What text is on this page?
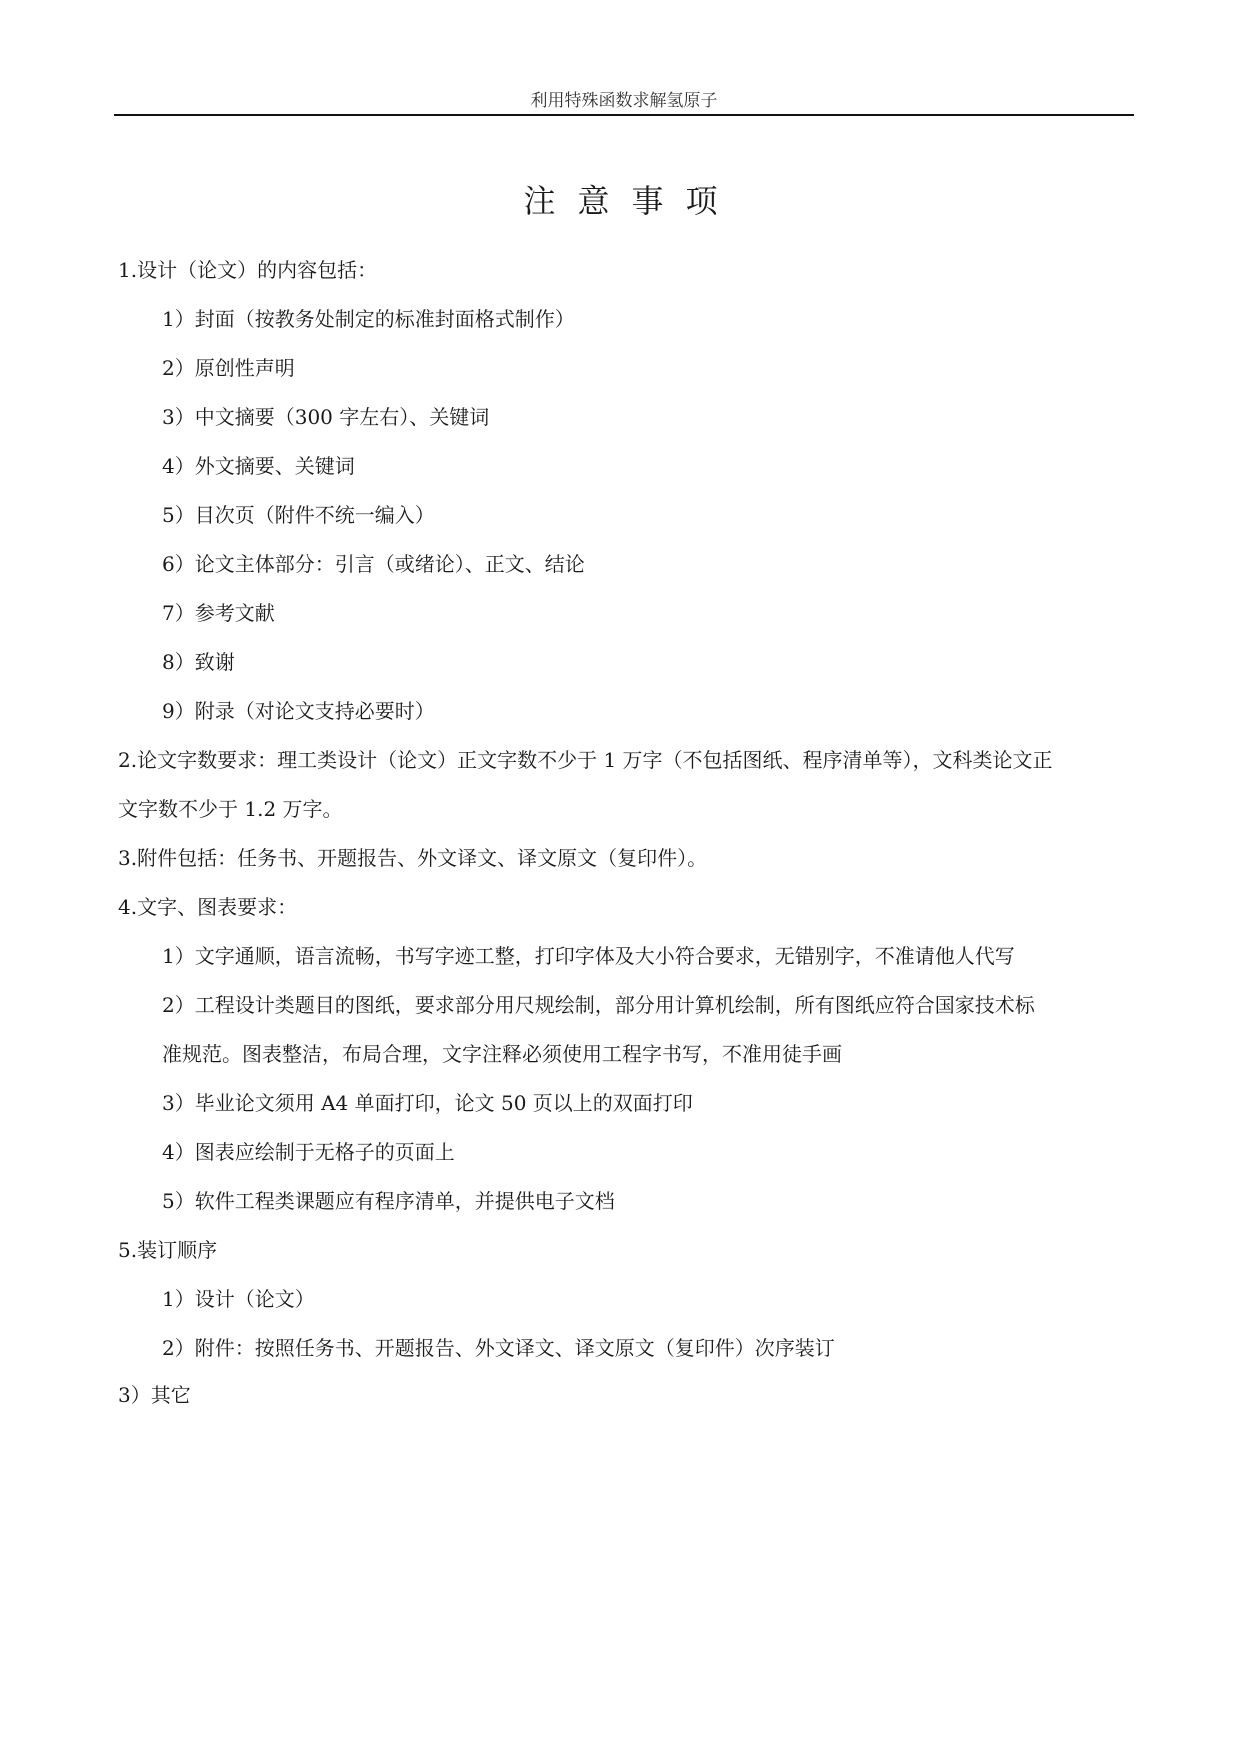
利用特殊函数求解氢原子
注意事项
1.设计（论文）的内容包括：
1）封面（按教务处制定的标准封面格式制作）
2）原创性声明
3）中文摘要（300 字左右）、关键词
4）外文摘要、关键词
5）目次页（附件不统一编入）
6）论文主体部分：引言（或绪论）、正文、结论
7）参考文献
8）致谢
9）附录（对论文支持必要时）
2.论文字数要求：理工类设计（论文）正文字数不少于 1 万字（不包括图纸、程序清单等），文科类论文正
文字数不少于 1.2 万字。
3.附件包括：任务书、开题报告、外文译文、译文原文（复印件）。
4.文字、图表要求：
1）文字通顺，语言流畅，书写字迹工整，打印字体及大小符合要求，无错别字，不准请他人代写
2）工程设计类题目的图纸，要求部分用尺规绘制，部分用计算机绘制，所有图纸应符合国家技术标
准规范。图表整洁，布局合理，文字注释必须使用工程字书写，不准用徒手画
3）毕业论文须用 A4 单面打印，论文 50 页以上的双面打印
4）图表应绘制于无格子的页面上
5）软件工程类课题应有程序清单，并提供电子文档
5.装订顺序
1）设计（论文）
2）附件：按照任务书、开题报告、外文译文、译文原文（复印件）次序装订
3）其它
